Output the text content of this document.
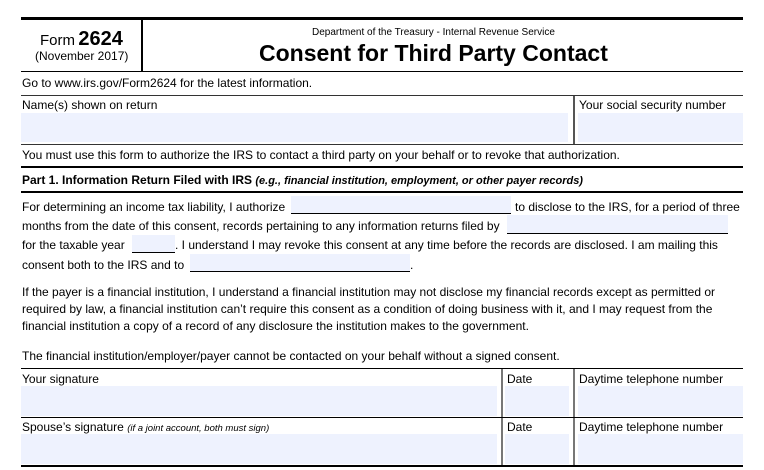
Form 2624
(November 2017)
Department of the Treasury - Internal Revenue Service
Consent for Third Party Contact
Go to www.irs.gov/Form2624 for the latest information.
Name(s) shown on return	Your social security number
You must use this form to authorize the IRS to contact a third party on your behalf or to revoke that authorization.
Part 1. Information Return Filed with IRS (e.g., financial institution, employment, or other payer records)
For determining an income tax liability, I authorize	to disclose to the IRS, for a period of three
months from the date of this consent, records pertaining to any information returns filed by
for the taxable year	. I understand I may revoke this consent at any time before the records are disclosed. I am mailing this
consent both to the IRS and to	.
If the payer is a financial institution, I understand a financial institution may not disclose my financial records except as permitted or
required by law, a financial institution can’t require this consent as a condition of doing business with it, and I may request from the
financial institution a copy of a record of any disclosure the institution makes to the government.
The financial institution/employer/payer cannot be contacted on your behalf without a signed consent.
Your signature	Date	Daytime telephone number
Spouse’s signature (if a joint account, both must sign)	Date	Daytime telephone number
